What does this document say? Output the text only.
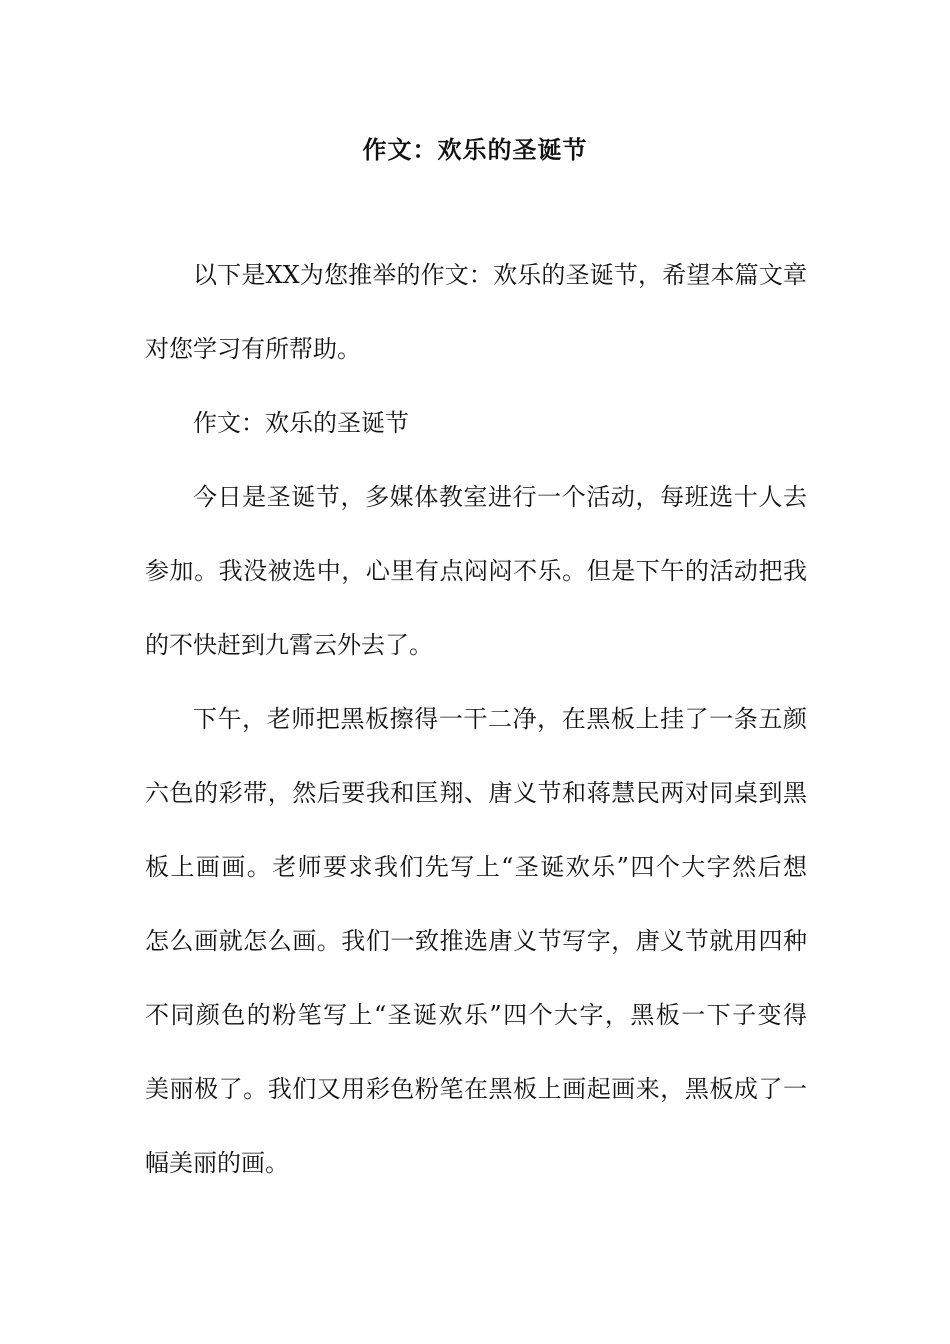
作文：欢乐的圣诞节
以下是XX为您推举的作文：欢乐的圣诞节，希望本篇文章
对您学习有所帮助。
作文：欢乐的圣诞节
今日是圣诞节，多媒体教室进行一个活动，每班选十人去
参加。我没被选中，心里有点闷闷不乐。但是下午的活动把我
的不快赶到九霄云外去了。
下午，老师把黑板擦得一干二净，在黑板上挂了一条五颜
六色的彩带，然后要我和匡翔、唐义节和蒋慧民两对同桌到黑
板上画画。老师要求我们先写上“圣诞欢乐”四个大字然后想
怎么画就怎么画。我们一致推选唐义节写字，唐义节就用四种
不同颜色的粉笔写上“圣诞欢乐”四个大字，黑板一下子变得
美丽极了。我们又用彩色粉笔在黑板上画起画来，黑板成了一
幅美丽的画。
